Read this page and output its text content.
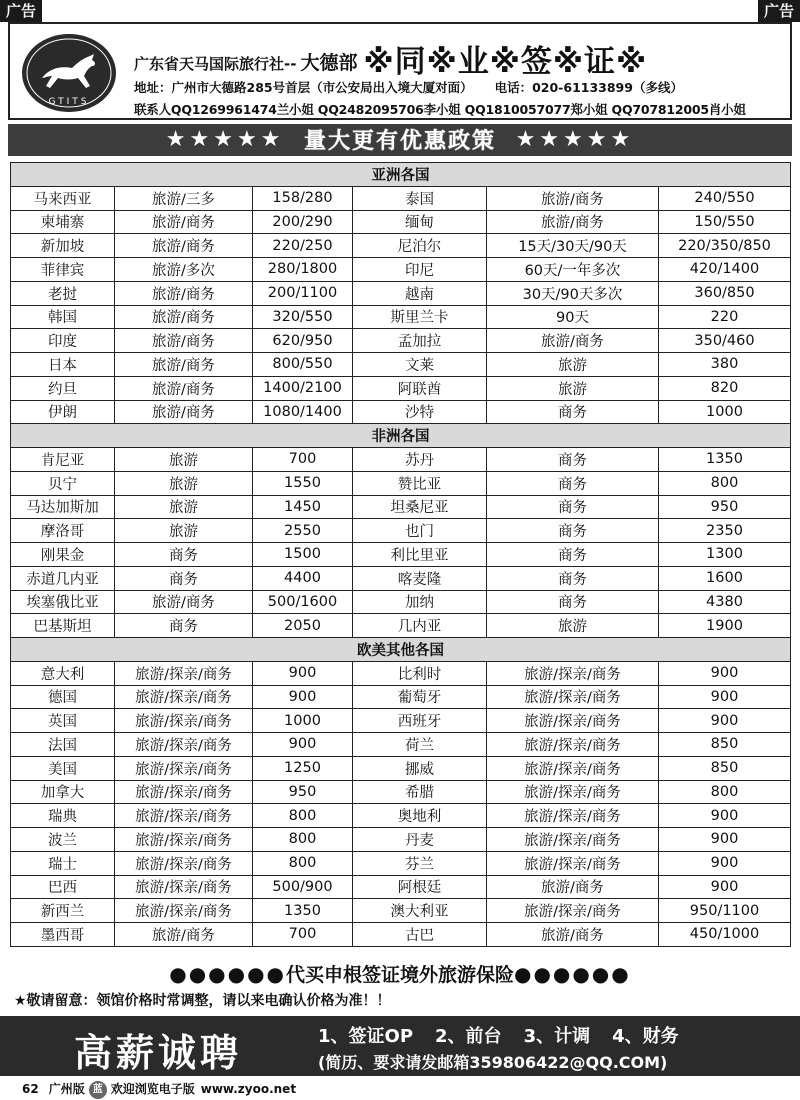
广告	广告
GTITS
广东省天马国际旅行社-- 大德部 ※同※业※签※证※
地址：广州市大德路285号首层（市公安局出入境大厦对面） 电话：020-61133899（多线）
联系人QQ1269961474兰小姐 QQ2482095706李小姐 QQ1810057077郑小姐 QQ707812005肖小姐
★★★★★ 量大更有优惠政策 ★★★★★
亚洲各国					
马来西亚	旅游/三多	158/280	泰国	旅游/商务	240/550
柬埔寨	旅游/商务	200/290	缅甸	旅游/商务	150/550
新加坡	旅游/商务	220/250	尼泊尔	15天/30天/90天	220/350/850
菲律宾	旅游/多次	280/1800	印尼	60天/一年多次	420/1400
老挝	旅游/商务	200/1100	越南	30天/90天多次	360/850
韩国	旅游/商务	320/550	斯里兰卡	90天	220
印度	旅游/商务	620/950	孟加拉	旅游/商务	350/460
日本	旅游/商务	800/550	文莱	旅游	380
约旦	旅游/商务	1400/2100	阿联酋	旅游	820
伊朗	旅游/商务	1080/1400	沙特	商务	1000
非洲各国					
肯尼亚	旅游	700	苏丹	商务	1350
贝宁	旅游	1550	赞比亚	商务	800
马达加斯加	旅游	1450	坦桑尼亚	商务	950
摩洛哥	旅游	2550	也门	商务	2350
刚果金	商务	1500	利比里亚	商务	1300
赤道几内亚	商务	4400	喀麦隆	商务	1600
埃塞俄比亚	旅游/商务	500/1600	加纳	商务	4380
巴基斯坦	商务	2050	几内亚	旅游	1900
欧美其他各国					
意大利	旅游/探亲/商务	900	比利时	旅游/探亲/商务	900
德国	旅游/探亲/商务	900	葡萄牙	旅游/探亲/商务	900
英国	旅游/探亲/商务	1000	西班牙	旅游/探亲/商务	900
法国	旅游/探亲/商务	900	荷兰	旅游/探亲/商务	850
美国	旅游/探亲/商务	1250	挪威	旅游/探亲/商务	850
加拿大	旅游/探亲/商务	950	希腊	旅游/探亲/商务	800
瑞典	旅游/探亲/商务	800	奥地利	旅游/探亲/商务	900
波兰	旅游/探亲/商务	800	丹麦	旅游/探亲/商务	900
瑞士	旅游/探亲/商务	800	芬兰	旅游/探亲/商务	900
巴西	旅游/探亲/商务	500/900	阿根廷	旅游/商务	900
新西兰	旅游/探亲/商务	1350	澳大利亚	旅游/探亲/商务	950/1100
墨西哥	旅游/商务	700	古巴	旅游/商务	450/1000
●●●●●●代买申根签证境外旅游保险●●●●●●
★敬请留意：领馆价格时常调整，请以来电确认价格为准！！
高薪诚聘	1、签证OP 2、前台 3、计调 4、财务
(简历、要求请发邮箱359806422@QQ.COM)
62 广州版 蓝 欢迎浏览电子版 www.zyoo.net
